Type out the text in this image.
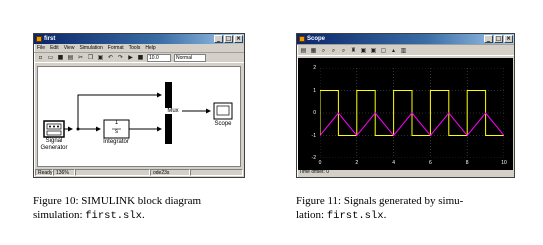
first	_ □ ×
File Edit View Simulation Format Tools Help
▫ ▭ ■ ▤ ✂ ❐ ▣ ↶ ↷ ▶ ■	10.0	Normal
1
s
Signal
Generator
Integrator
Mux
Scope
Ready 136%	ode23s
Scope	_ □ ×
▤ ▦ ⌕	⌕	⌕ ♜ ▣ ▣ ▢ ▴ ▥
2
1
0
-1
-2
0	2	4	6	8	10
Time offset: 0
Figure 10: SIMULINK block diagram
simulation: first.slx.
Figure 11: Signals generated by simu-
lation: first.slx.
